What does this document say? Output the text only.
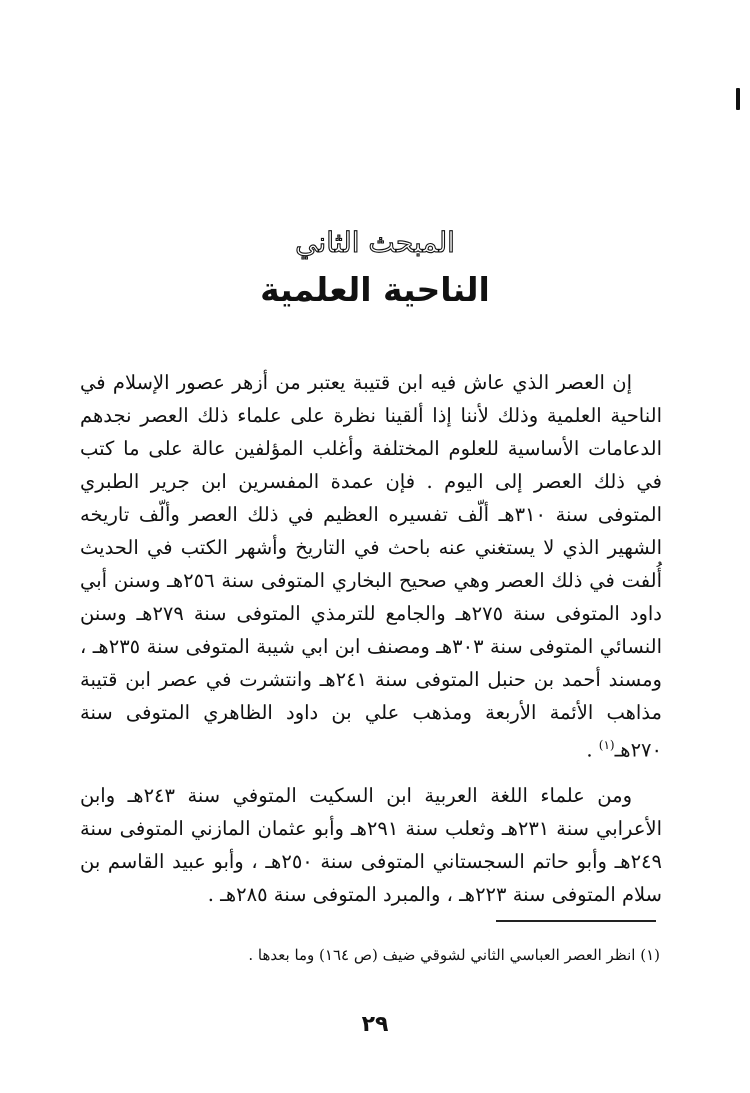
المبحث الثاني
الناحية العلمية

إن العصر الذي عاش فيه ابن قتيبة يعتبر من أزهر عصور الإسلام في الناحية العلمية وذلك لأننا إذا ألقينا نظرة على علماء ذلك العصر نجدهم الدعامات الأساسية للعلوم المختلفة وأغلب المؤلفين عالة على ما كتب في ذلك العصر إلى اليوم . فإن عمدة المفسرين ابن جرير الطبري المتوفى سنة ٣١٠هـ ألّف تفسيره العظيم في ذلك العصر وألّف تاريخه الشهير الذي لا يستغني عنه باحث في التاريخ وأشهر الكتب في الحديث أُلفت في ذلك العصر وهي صحيح البخاري المتوفى سنة ٢٥٦هـ وسنن أبي داود المتوفى سنة ٢٧٥هـ والجامع للترمذي المتوفى سنة ٢٧٩هـ وسنن النسائي المتوفى سنة ٣٠٣هـ ومصنف ابن ابي شيبة المتوفى سنة ٢٣٥هـ ، ومسند أحمد بن حنبل المتوفى سنة ٢٤١هـ وانتشرت في عصر ابن قتيبة مذاهب الأئمة الأربعة ومذهب علي بن داود الظاهري المتوفى سنة ٢٧٠هـ$^{(١)}$ .

ومن علماء اللغة العربية ابن السكيت المتوفي سنة ٢٤٣هـ وابن الأعرابي سنة ٢٣١هـ وثعلب سنة ٢٩١هـ وأبو عثمان المازني المتوفى سنة ٢٤٩هـ وأبو حاتم السجستاني المتوفى سنة ٢٥٠هـ ، وأبو عبيد القاسم بن سلام المتوفى سنة ٢٢٣هـ ، والمبرد المتوفى سنة ٢٨٥هـ .

(١) انظر العصر العباسي الثاني لشوقي ضيف (ص ١٦٤) وما بعدها .
٢٩
